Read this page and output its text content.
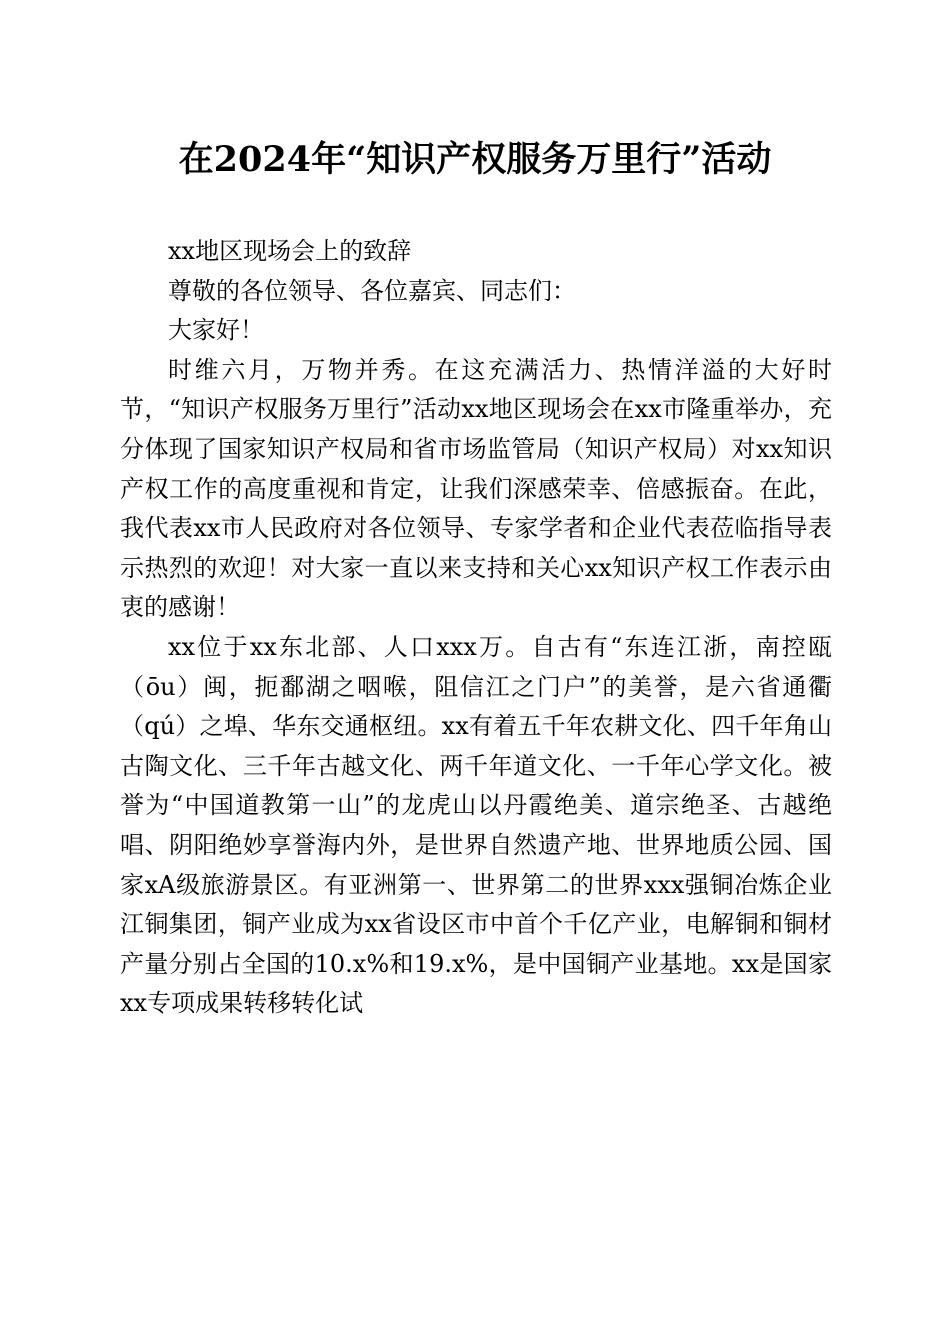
在2024年“知识产权服务万里行”活动

xx地区现场会上的致辞

尊敬的各位领导、各位嘉宾、同志们：

大家好！

时维六月，万物并秀。在这充满活力、热情洋溢的大好时节，“知识产权服务万里行”活动xx地区现场会在xx市隆重举办，充分体现了国家知识产权局和省市场监管局（知识产权局）对xx知识产权工作的高度重视和肯定，让我们深感荣幸、倍感振奋。在此，我代表xx市人民政府对各位领导、专家学者和企业代表莅临指导表示热烈的欢迎！对大家一直以来支持和关心xx知识产权工作表示由衷的感谢！

xx位于xx东北部、人口xxx万。自古有“东连江浙，南控瓯（ōu）闽，扼鄱湖之咽喉，阻信江之门户”的美誉，是六省通衢（qú）之埠、华东交通枢纽。xx有着五千年农耕文化、四千年角山古陶文化、三千年古越文化、两千年道文化、一千年心学文化。被誉为“中国道教第一山”的龙虎山以丹霞绝美、道宗绝圣、古越绝唱、阴阳绝妙享誉海内外，是世界自然遗产地、世界地质公园、国家xA级旅游景区。有亚洲第一、世界第二的世界xxx强铜冶炼企业江铜集团，铜产业成为xx省设区市中首个千亿产业，电解铜和铜材产量分别占全国的10.x%和19.x%，是中国铜产业基地。xx是国家xx专项成果转移转化试
